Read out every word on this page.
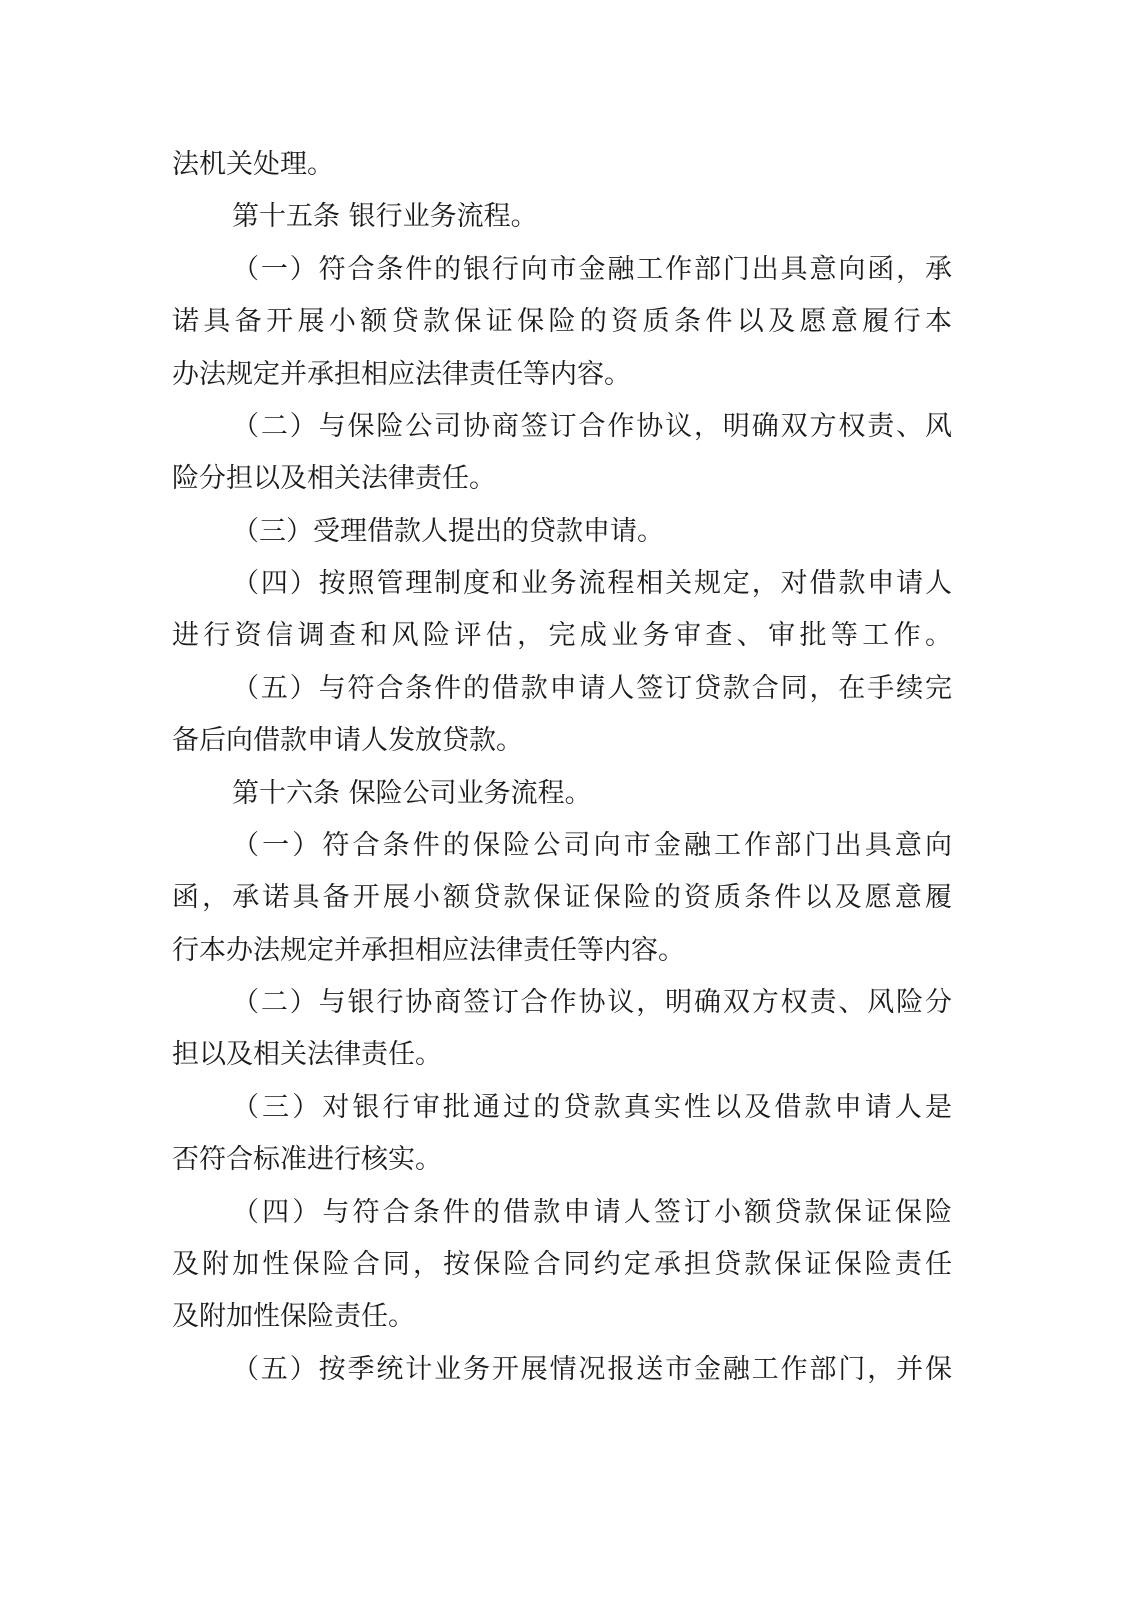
法机关处理。
第十五条 银行业务流程。
（一）符合条件的银行向市金融工作部门出具意向函，承
诺具备开展小额贷款保证保险的资质条件以及愿意履行本
办法规定并承担相应法律责任等内容。
（二）与保险公司协商签订合作协议，明确双方权责、风
险分担以及相关法律责任。
（三）受理借款人提出的贷款申请。
（四）按照管理制度和业务流程相关规定，对借款申请人
进行资信调查和风险评估，完成业务审查、审批等工作。
（五）与符合条件的借款申请人签订贷款合同，在手续完
备后向借款申请人发放贷款。
第十六条 保险公司业务流程。
（一）符合条件的保险公司向市金融工作部门出具意向
函，承诺具备开展小额贷款保证保险的资质条件以及愿意履
行本办法规定并承担相应法律责任等内容。
（二）与银行协商签订合作协议，明确双方权责、风险分
担以及相关法律责任。
（三）对银行审批通过的贷款真实性以及借款申请人是
否符合标准进行核实。
（四）与符合条件的借款申请人签订小额贷款保证保险
及附加性保险合同，按保险合同约定承担贷款保证保险责任
及附加性保险责任。
（五）按季统计业务开展情况报送市金融工作部门，并保
